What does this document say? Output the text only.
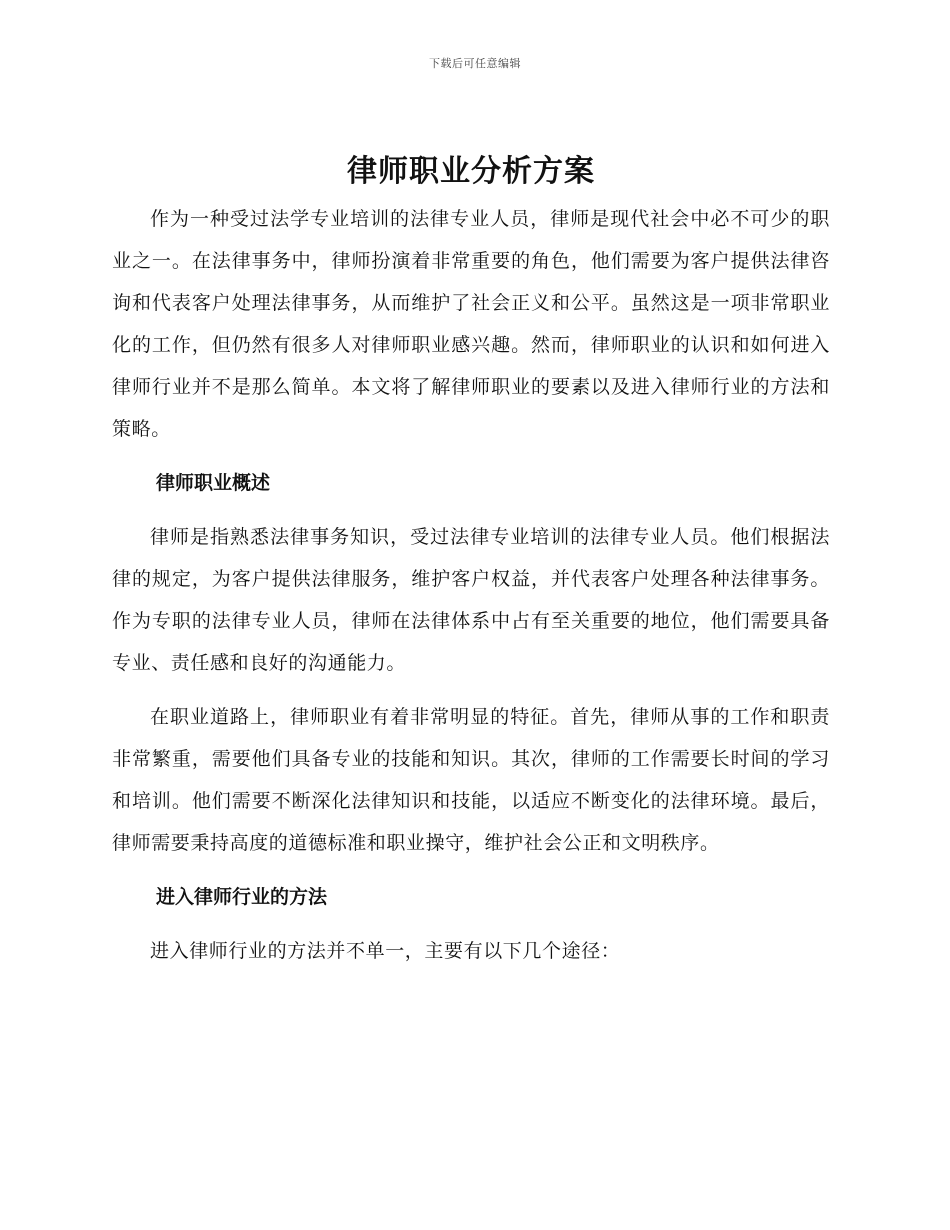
下载后可任意编辑
律师职业分析方案

作为一种受过法学专业培训的法律专业人员，律师是现代社会中必不可少的职业之一。在法律事务中，律师扮演着非常重要的角色，他们需要为客户提供法律咨询和代表客户处理法律事务，从而维护了社会正义和公平。虽然这是一项非常职业化的工作，但仍然有很多人对律师职业感兴趣。然而，律师职业的认识和如何进入律师行业并不是那么简单。本文将了解律师职业的要素以及进入律师行业的方法和策略。

律师职业概述

律师是指熟悉法律事务知识，受过法律专业培训的法律专业人员。他们根据法律的规定，为客户提供法律服务，维护客户权益，并代表客户处理各种法律事务。作为专职的法律专业人员，律师在法律体系中占有至关重要的地位，他们需要具备专业、责任感和良好的沟通能力。

在职业道路上，律师职业有着非常明显的特征。首先，律师从事的工作和职责非常繁重，需要他们具备专业的技能和知识。其次，律师的工作需要长时间的学习和培训。他们需要不断深化法律知识和技能，以适应不断变化的法律环境。最后，律师需要秉持高度的道德标准和职业操守，维护社会公正和文明秩序。

进入律师行业的方法

进入律师行业的方法并不单一，主要有以下几个途径：
